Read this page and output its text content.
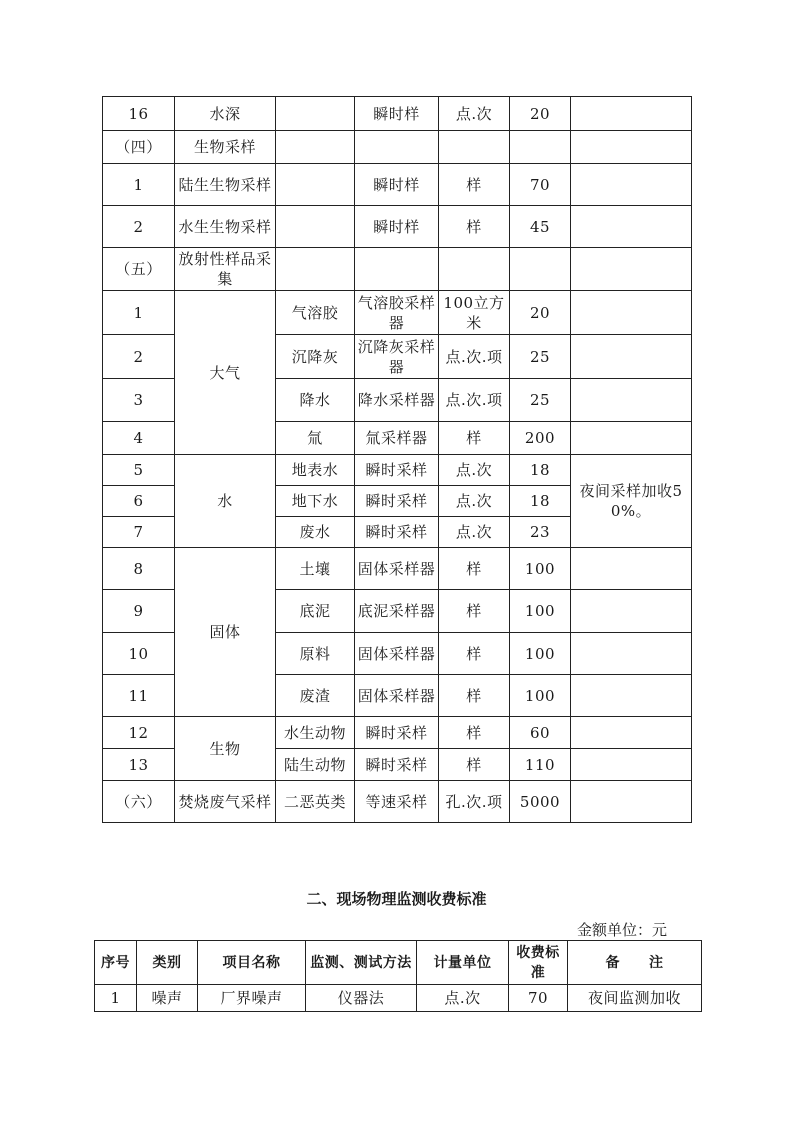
16	水深		瞬时样	点.次	20	
（四）	生物采样					
1	陆生生物采样		瞬时样	样	70	
2	水生生物采样		瞬时样	样	45	
（五）	放射性样品采集					
1	大气	气溶胶	气溶胶采样器	100立方米	20	
2		沉降灰	沉降灰采样器	点.次.项	25	
3		降水	降水采样器	点.次.项	25	
4		氚	氚采样器	样	200	
5	水	地表水	瞬时采样	点.次	18	夜间采样加收50%。
6		地下水	瞬时采样	点.次	18	
7		废水	瞬时采样	点.次	23	
8	固体	土壤	固体采样器	样	100	
9		底泥	底泥采样器	样	100	
10		原料	固体采样器	样	100	
11		废渣	固体采样器	样	100	
12	生物	水生动物	瞬时采样	样	60	
13		陆生动物	瞬时采样	样	110	
（六）	焚烧废气采样	二恶英类	等速采样	孔.次.项	5000	
二、现场物理监测收费标准
金额单位：元
序号	类别	项目名称	监测、测试方法	计量单位	收费标准	备　　注
1	噪声	厂界噪声	仪器法	点.次	70	夜间监测加收
